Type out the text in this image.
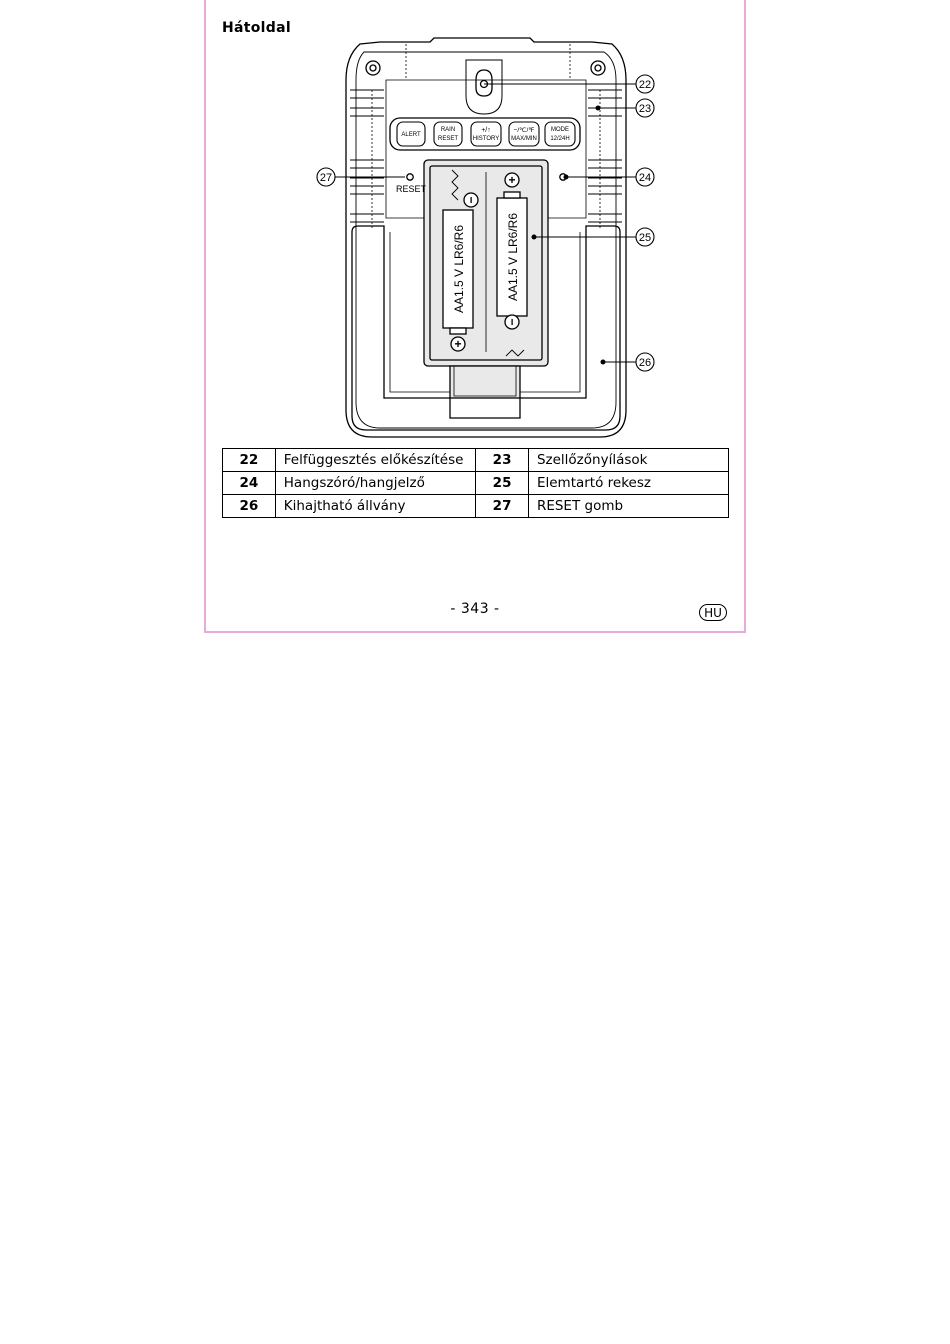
Hátoldal
ALERT
RAIN
RESET
+/↑
HISTORY
−/℃/℉
MAX/MIN
MODE
12/24H
RESET
AA1.5 V LR6/R6	AA1.5 V LR6/R6
−
+
+
−
22
23
24
25
26
27
22	Felfüggesztés előkészítése	23	Szellőzőnyílások
24	Hangszóró/hangjelző	25	Elemtartó rekesz
26	Kihajtható állvány	27	RESET gomb
- 343 -	HU
